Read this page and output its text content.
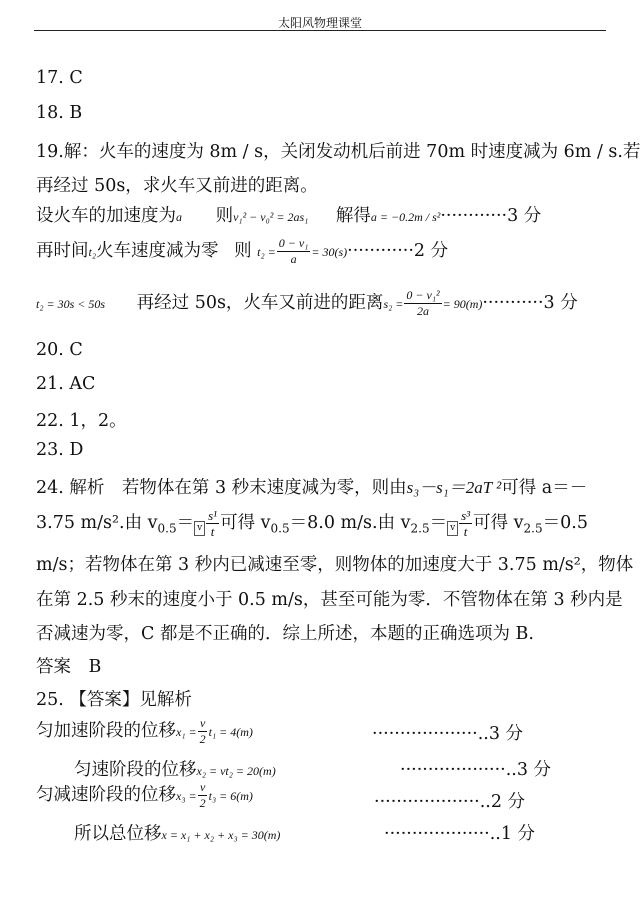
太阳风物理课堂
17. C
18. B
19.解：火车的速度为 8m / s，关闭发动机后前进 70m 时速度减为 6m / s.若
再经过 50s，求火车又前进的距离。
设火车的加速度为a 则v₁² − v₀² = 2as₁ 解得a = −0.2m / s²············3 分
再时间t₂火车速度减为零 则 $t_2 = \frac{\text{0 − v₁}}{a} = 30(s)\cdot\cdot\cdot\cdot\cdot\cdot\cdot\cdot\cdot\cdot\cdot\cdot 2$ 分
t₂ = 30s < 50s 再经过 50s，火车又前进的距离$s_2 = \frac{\text{0 − v₁²}}{2a} = 90(m)\cdot\cdot\cdot\cdot\cdot\cdot\cdot\cdot\cdot\cdot\cdot 3$ 分
20. C
21. AC
22. 1，2。
23. D
24. 解析　若物体在第 3 秒末速度减为零，则由s₃－s₁＝2aT ²可得 a＝－
3.75 m/s².由 $v_{0.5}= v \frac{\text{s¹}}{t}$ 可得 $v_{0.5}=8.0$ m/s.由 $v_{2.5}= v \frac{\text{s³}}{t}$ 可得 $v_{2.5}=0.5$
m/s；若物体在第 3 秒内已减速至零，则物体的加速度大于 3.75 m/s²，物体
在第 2.5 秒末的速度小于 0.5 m/s，甚至可能为零．不管物体在第 3 秒内是
否减速为零，C 都是不正确的．综上所述，本题的正确选项为 B.
答案　B
25. 【答案】见解析
匀加速阶段的位移$x_1 = \frac{v}{2} t_1 = 4(m)$	···················..3 分
匀速阶段的位移x₂ = vt₂ = 20(m)	···················..3 分
匀减速阶段的位移$x_3 = \frac{v}{2} t_3 = 6(m)$	···················..2 分
所以总位移x = x₁ + x₂ + x₃ = 30(m)	···················..1 分
